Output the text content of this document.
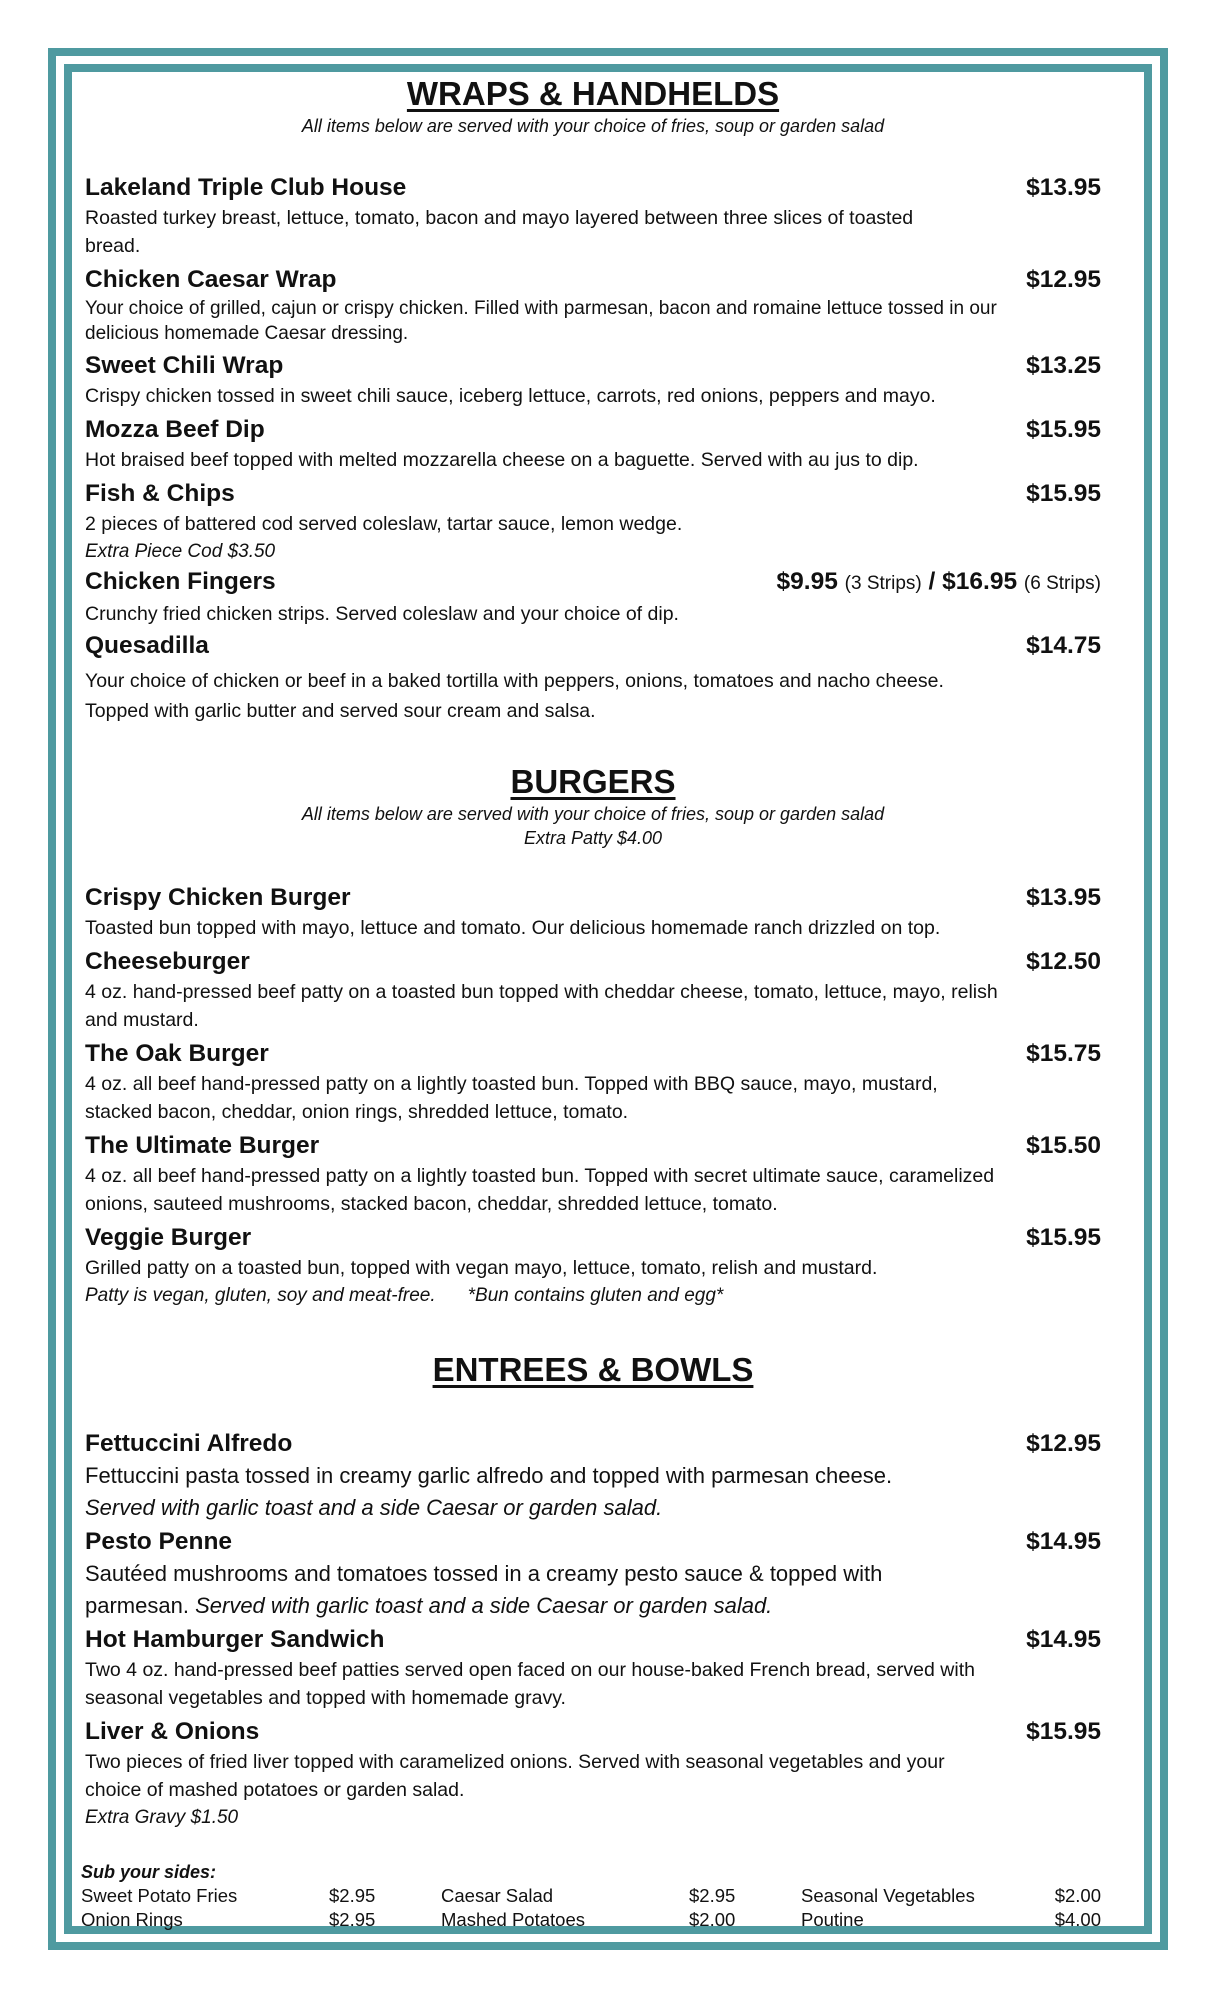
WRAPS & HANDHELDS

All items below are served with your choice of fries, soup or garden salad

Lakeland Triple Club House	$13.95
Roasted turkey breast, lettuce, tomato, bacon and mayo layered between three slices of toasted bread.
Chicken Caesar Wrap	$12.95
Your choice of grilled, cajun or crispy chicken. Filled with parmesan, bacon and romaine lettuce tossed in our delicious homemade Caesar dressing.
Sweet Chili Wrap	$13.25
Crispy chicken tossed in sweet chili sauce, iceberg lettuce, carrots, red onions, peppers and mayo.
Mozza Beef Dip	$15.95
Hot braised beef topped with melted mozzarella cheese on a baguette. Served with au jus to dip.
Fish & Chips	$15.95
2 pieces of battered cod served coleslaw, tartar sauce, lemon wedge.
Extra Piece Cod $3.50
Chicken Fingers	$9.95 (3 Strips) / $16.95 (6 Strips)
Crunchy fried chicken strips. Served coleslaw and your choice of dip.
Quesadilla	$14.75
Your choice of chicken or beef in a baked tortilla with peppers, onions, tomatoes and nacho cheese. Topped with garlic butter and served sour cream and salsa.
BURGERS

All items below are served with your choice of fries, soup or garden salad

Extra Patty $4.00

Crispy Chicken Burger	$13.95
Toasted bun topped with mayo, lettuce and tomato. Our delicious homemade ranch drizzled on top.
Cheeseburger	$12.50
4 oz. hand-pressed beef patty on a toasted bun topped with cheddar cheese, tomato, lettuce, mayo, relish and mustard.
The Oak Burger	$15.75
4 oz. all beef hand-pressed patty on a lightly toasted bun. Topped with BBQ sauce, mayo, mustard, stacked bacon, cheddar, onion rings, shredded lettuce, tomato.
The Ultimate Burger	$15.50
4 oz. all beef hand-pressed patty on a lightly toasted bun. Topped with secret ultimate sauce, caramelized onions, sauteed mushrooms, stacked bacon, cheddar, shredded lettuce, tomato.
Veggie Burger	$15.95
Grilled patty on a toasted bun, topped with vegan mayo, lettuce, tomato, relish and mustard.
Patty is vegan, gluten, soy and meat-free. *Bun contains gluten and egg*
ENTREES & BOWLS
Fettuccini Alfredo	$12.95
Fettuccini pasta tossed in creamy garlic alfredo and topped with parmesan cheese.
Served with garlic toast and a side Caesar or garden salad.
Pesto Penne	$14.95
Sautéed mushrooms and tomatoes tossed in a creamy pesto sauce & topped with parmesan. Served with garlic toast and a side Caesar or garden salad.
Hot Hamburger Sandwich	$14.95
Two 4 oz. hand-pressed beef patties served open faced on our house-baked French bread, served with seasonal vegetables and topped with homemade gravy.
Liver & Onions	$15.95
Two pieces of fried liver topped with caramelized onions. Served with seasonal vegetables and your choice of mashed potatoes or garden salad.
Extra Gravy $1.50
Sub your sides:
Sweet Potato Fries	$2.95	Caesar Salad	$2.95	Seasonal Vegetables	$2.00
Onion Rings	$2.95	Mashed Potatoes	$2.00	Poutine	$4.00
